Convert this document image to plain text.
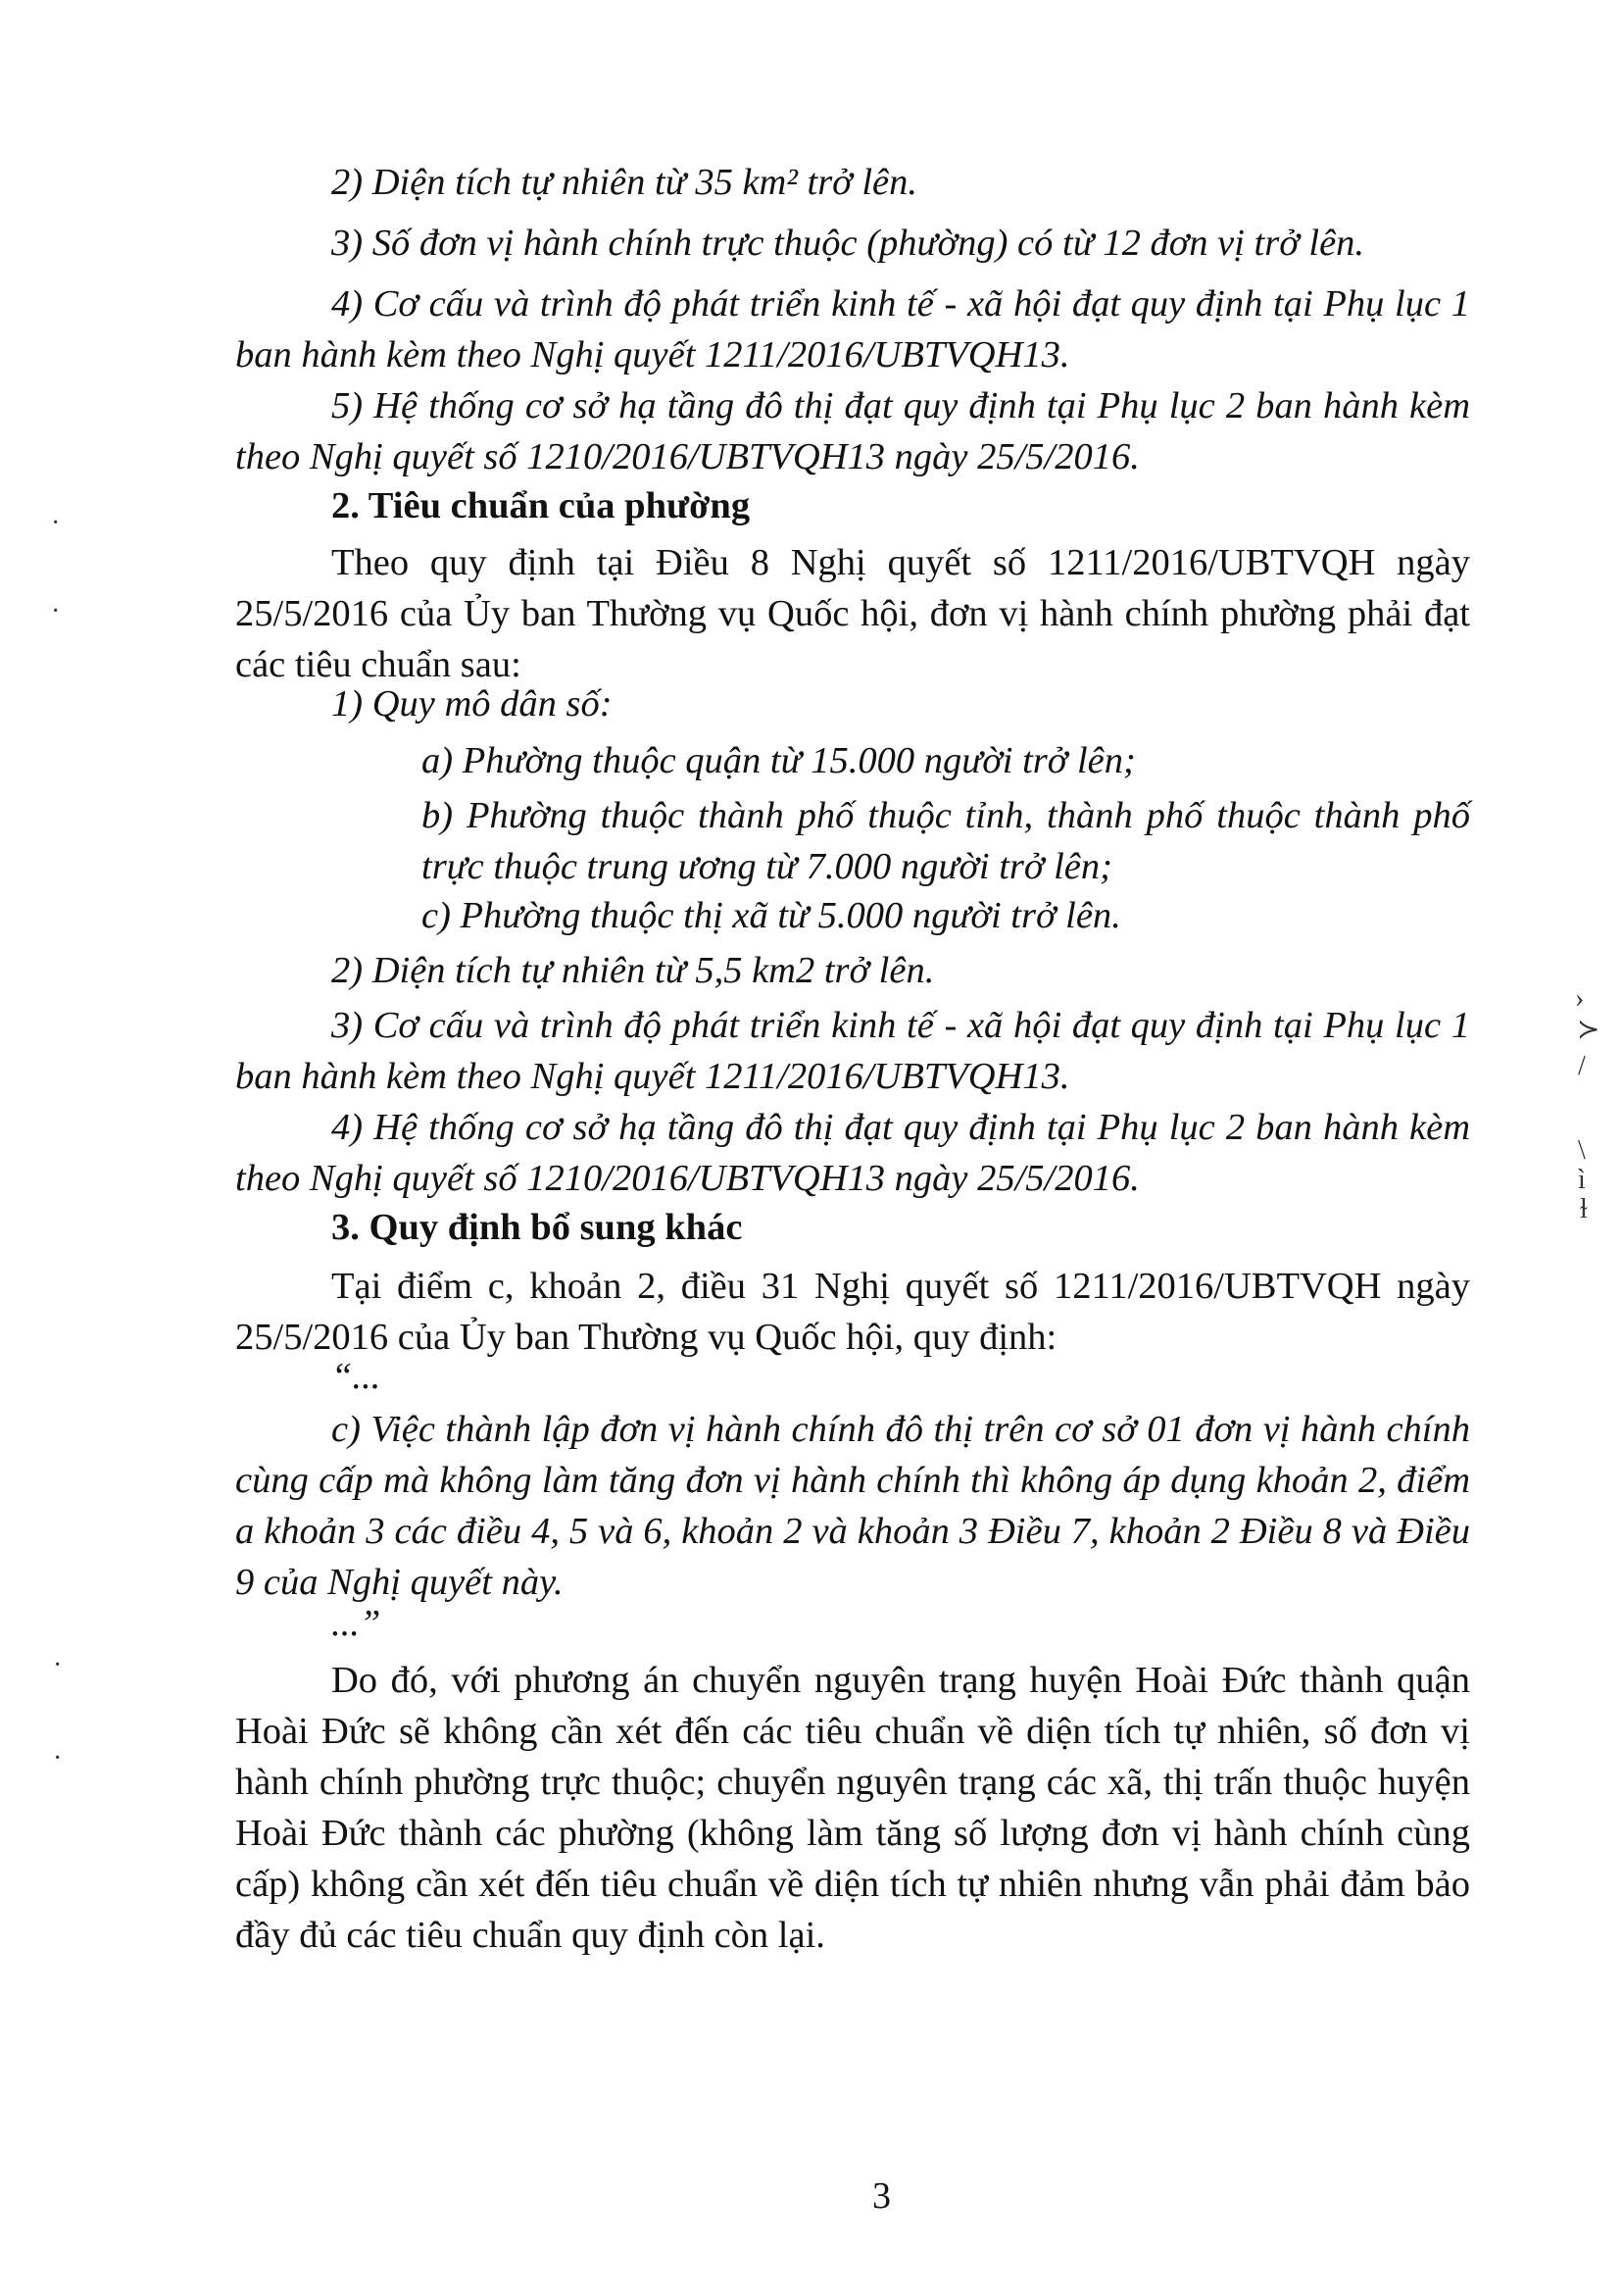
2) Diện tích tự nhiên từ 35 km² trở lên.

3) Số đơn vị hành chính trực thuộc (phường) có từ 12 đơn vị trở lên.

4) Cơ cấu và trình độ phát triển kinh tế - xã hội đạt quy định tại Phụ lục 1 ban hành kèm theo Nghị quyết 1211/2016/UBTVQH13.

5) Hệ thống cơ sở hạ tầng đô thị đạt quy định tại Phụ lục 2 ban hành kèm theo Nghị quyết số 1210/2016/UBTVQH13 ngày 25/5/2016.

2. Tiêu chuẩn của phường

Theo quy định tại Điều 8 Nghị quyết số 1211/2016/UBTVQH ngày 25/5/2016 của Ủy ban Thường vụ Quốc hội, đơn vị hành chính phường phải đạt các tiêu chuẩn sau:

1) Quy mô dân số:

a) Phường thuộc quận từ 15.000 người trở lên;

b) Phường thuộc thành phố thuộc tỉnh, thành phố thuộc thành phố trực thuộc trung ương từ 7.000 người trở lên;

c) Phường thuộc thị xã từ 5.000 người trở lên.

2) Diện tích tự nhiên từ 5,5 km2 trở lên.

3) Cơ cấu và trình độ phát triển kinh tế - xã hội đạt quy định tại Phụ lục 1 ban hành kèm theo Nghị quyết 1211/2016/UBTVQH13.

4) Hệ thống cơ sở hạ tầng đô thị đạt quy định tại Phụ lục 2 ban hành kèm theo Nghị quyết số 1210/2016/UBTVQH13 ngày 25/5/2016.

3. Quy định bổ sung khác

Tại điểm c, khoản 2, điều 31 Nghị quyết số 1211/2016/UBTVQH ngày 25/5/2016 của Ủy ban Thường vụ Quốc hội, quy định:

“...

c) Việc thành lập đơn vị hành chính đô thị trên cơ sở 01 đơn vị hành chính cùng cấp mà không làm tăng đơn vị hành chính thì không áp dụng khoản 2, điểm a khoản 3 các điều 4, 5 và 6, khoản 2 và khoản 3 Điều 7, khoản 2 Điều 8 và Điều 9 của Nghị quyết này.

...”

Do đó, với phương án chuyển nguyên trạng huyện Hoài Đức thành quận Hoài Đức sẽ không cần xét đến các tiêu chuẩn về diện tích tự nhiên, số đơn vị hành chính phường trực thuộc; chuyển nguyên trạng các xã, thị trấn thuộc huyện Hoài Đức thành các phường (không làm tăng số lượng đơn vị hành chính cùng cấp) không cần xét đến tiêu chuẩn về diện tích tự nhiên nhưng vẫn phải đảm bảo đầy đủ các tiêu chuẩn quy định còn lại.

3

›
≻
/
\
ì
ɫ
·
·
·
·
